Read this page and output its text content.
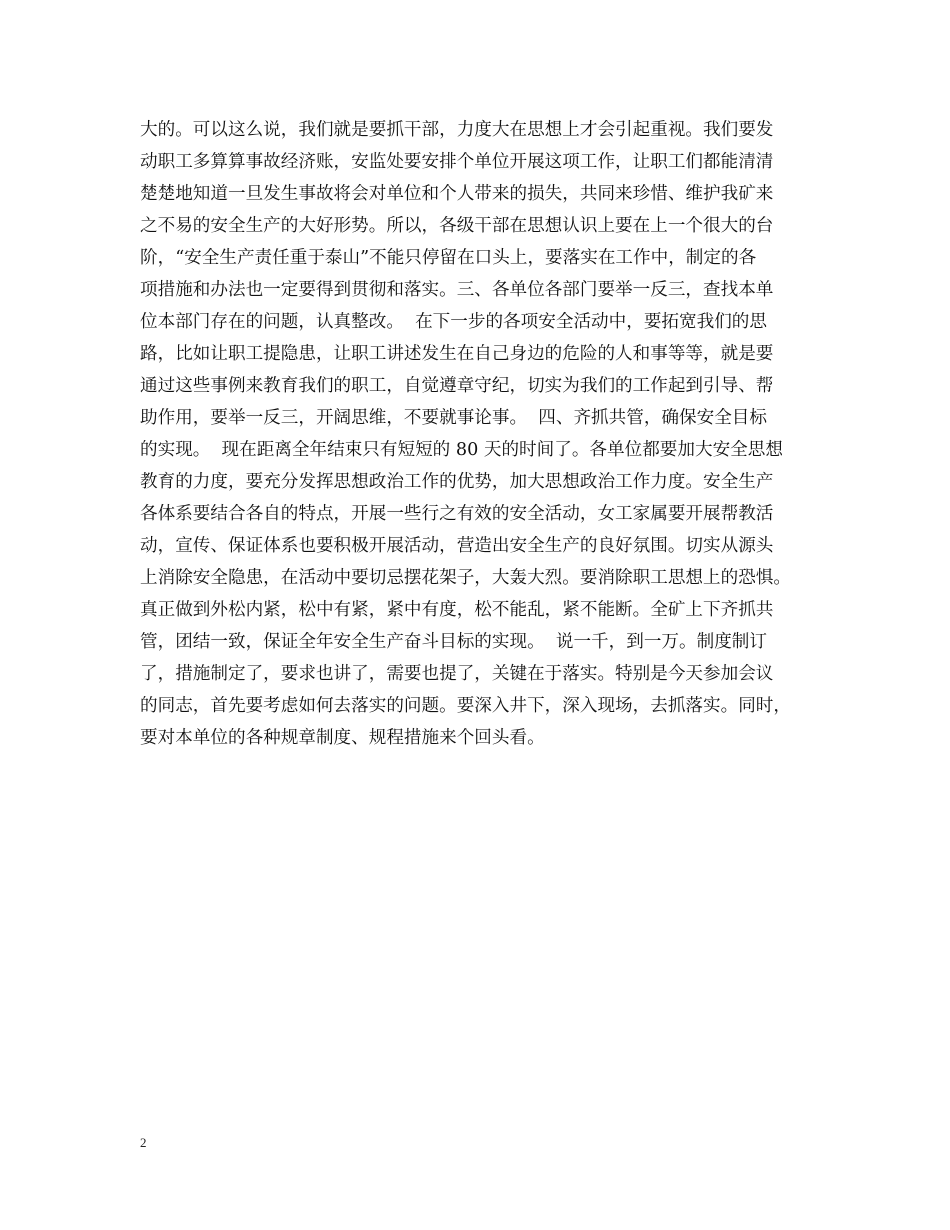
大的。可以这么说，我们就是要抓干部，力度大在思想上才会引起重视。我们要发
动职工多算算事故经济账，安监处要安排个单位开展这项工作，让职工们都能清清
楚楚地知道一旦发生事故将会对单位和个人带来的损失，共同来珍惜、维护我矿来
之不易的安全生产的大好形势。所以，各级干部在思想认识上要在上一个很大的台
阶，“安全生产责任重于泰山”不能只停留在口头上，要落实在工作中，制定的各
项措施和办法也一定要得到贯彻和落实。三、各单位各部门要举一反三，查找本单
位本部门存在的问题，认真整改。  在下一步的各项安全活动中，要拓宽我们的思
路，比如让职工提隐患，让职工讲述发生在自己身边的危险的人和事等等，就是要
通过这些事例来教育我们的职工，自觉遵章守纪，切实为我们的工作起到引导、帮
助作用，要举一反三，开阔思维，不要就事论事。  四、齐抓共管，确保安全目标
的实现。  现在距离全年结束只有短短的 80 天的时间了。各单位都要加大安全思想
教育的力度，要充分发挥思想政治工作的优势，加大思想政治工作力度。安全生产
各体系要结合各自的特点，开展一些行之有效的安全活动，女工家属要开展帮教活
动，宣传、保证体系也要积极开展活动，营造出安全生产的良好氛围。切实从源头
上消除安全隐患，在活动中要切忌摆花架子，大轰大烈。要消除职工思想上的恐惧。
真正做到外松内紧，松中有紧，紧中有度，松不能乱，紧不能断。全矿上下齐抓共
管，团结一致，保证全年安全生产奋斗目标的实现。  说一千，到一万。制度制订
了，措施制定了，要求也讲了，需要也提了，关键在于落实。特别是今天参加会议
的同志，首先要考虑如何去落实的问题。要深入井下，深入现场，去抓落实。同时，
要对本单位的各种规章制度、规程措施来个回头看。
2
